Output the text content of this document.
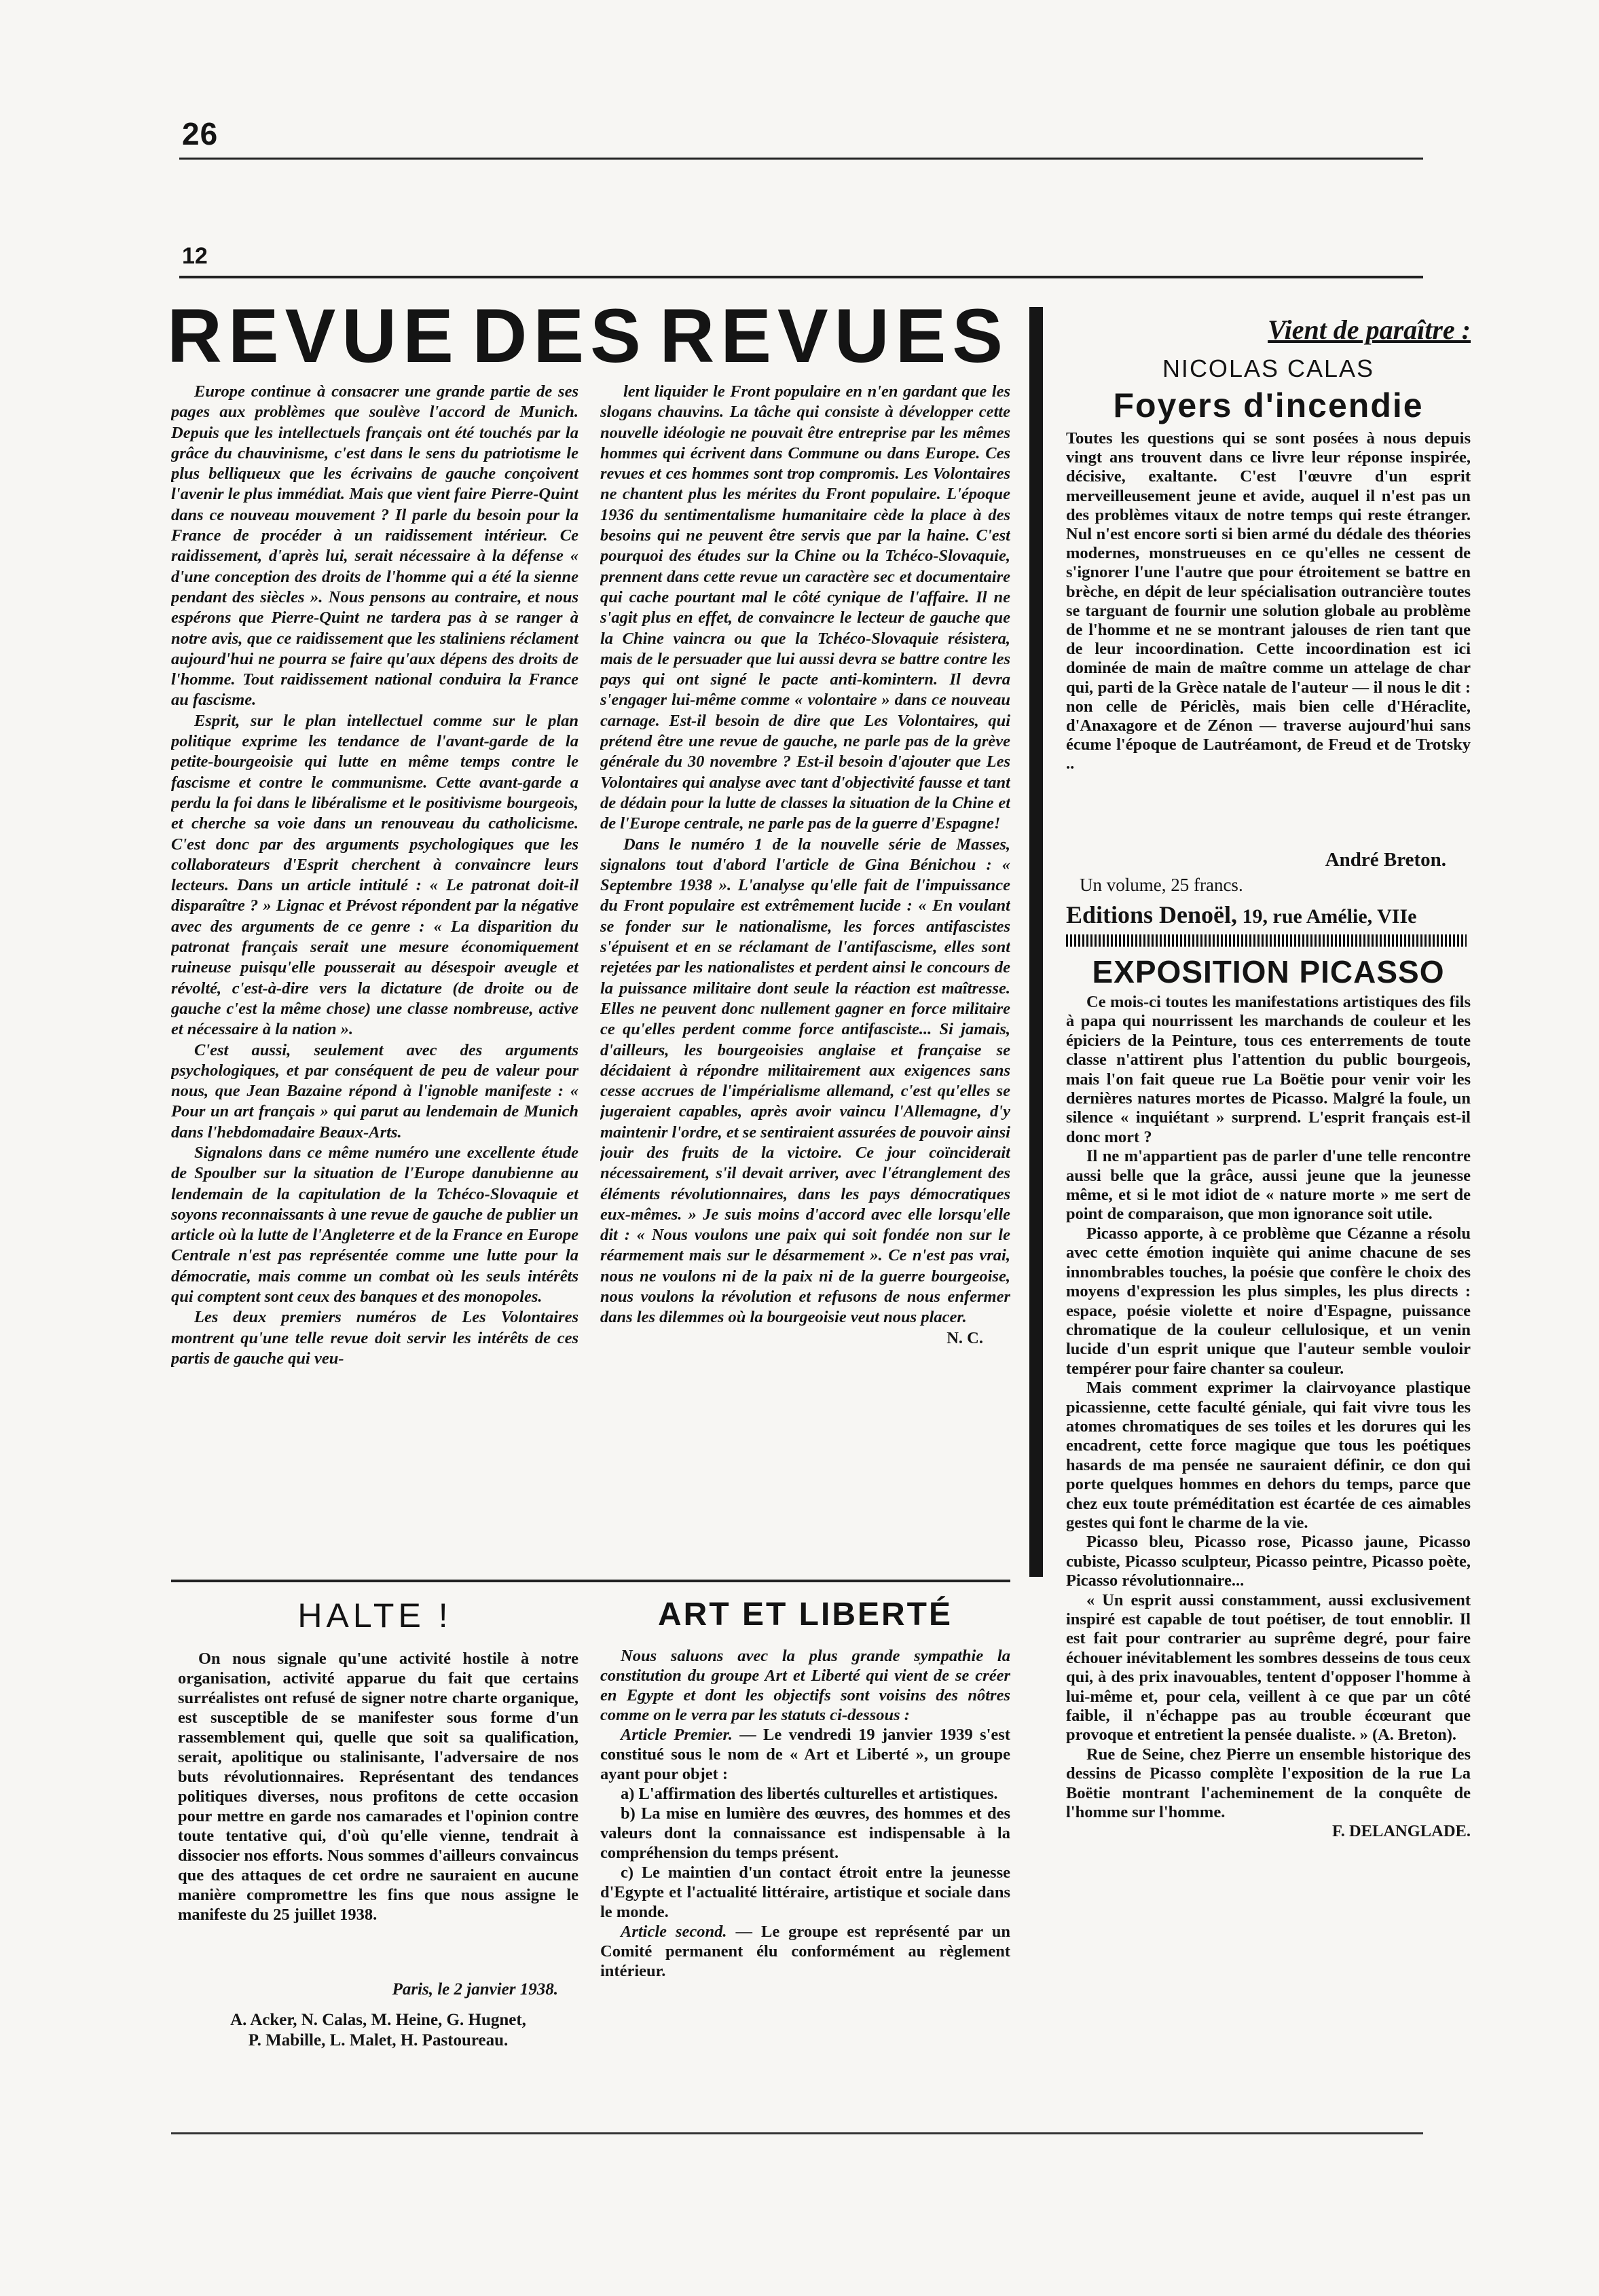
26
12
REVUE DES REVUES

Europe continue à consacrer une grande partie de ses pages aux problèmes que soulève l'accord de Munich. Depuis que les intellectuels français ont été touchés par la grâce du chauvinisme, c'est dans le sens du patriotisme le plus belliqueux que les écrivains de gauche conçoivent l'avenir le plus immédiat. Mais que vient faire Pierre-Quint dans ce nouveau mouvement ? Il parle du besoin pour la France de procéder à un raidissement intérieur. Ce raidissement, d'après lui, serait nécessaire à la défense « d'une conception des droits de l'homme qui a été la sienne pendant des siècles ». Nous pensons au contraire, et nous espérons que Pierre-Quint ne tardera pas à se ranger à notre avis, que ce raidissement que les staliniens réclament aujourd'hui ne pourra se faire qu'aux dépens des droits de l'homme. Tout raidissement national conduira la France au fascisme.

Esprit, sur le plan intellectuel comme sur le plan politique exprime les tendance de l'avant-garde de la petite-bourgeoisie qui lutte en même temps contre le fascisme et contre le communisme. Cette avant-garde a perdu la foi dans le libéralisme et le positivisme bourgeois, et cherche sa voie dans un renouveau du catholicisme. C'est donc par des arguments psychologiques que les collaborateurs d'Esprit cherchent à convaincre leurs lecteurs. Dans un article intitulé : « Le patronat doit-il disparaître ? » Lignac et Prévost répondent par la négative avec des arguments de ce genre : « La disparition du patronat français serait une mesure économiquement ruineuse puisqu'elle pousserait au désespoir aveugle et révolté, c'est-à-dire vers la dictature (de droite ou de gauche c'est la même chose) une classe nombreuse, active et nécessaire à la nation ».

C'est aussi, seulement avec des arguments psychologiques, et par conséquent de peu de valeur pour nous, que Jean Bazaine répond à l'ignoble manifeste : « Pour un art français » qui parut au lendemain de Munich dans l'hebdomadaire Beaux-Arts.

Signalons dans ce même numéro une excellente étude de Spoulber sur la situation de l'Europe danubienne au lendemain de la capitulation de la Tchéco-Slovaquie et soyons reconnaissants à une revue de gauche de publier un article où la lutte de l'Angleterre et de la France en Europe Centrale n'est pas représentée comme une lutte pour la démocratie, mais comme un combat où les seuls intérêts qui comptent sont ceux des banques et des monopoles.

Les deux premiers numéros de Les Volontaires montrent qu'une telle revue doit servir les intérêts de ces partis de gauche qui veu-

lent liquider le Front populaire en n'en gardant que les slogans chauvins. La tâche qui consiste à développer cette nouvelle idéologie ne pouvait être entreprise par les mêmes hommes qui écrivent dans Commune ou dans Europe. Ces revues et ces hommes sont trop compromis. Les Volontaires ne chantent plus les mérites du Front populaire. L'époque 1936 du sentimentalisme humanitaire cède la place à des besoins qui ne peuvent être servis que par la haine. C'est pourquoi des études sur la Chine ou la Tchéco-Slovaquie, prennent dans cette revue un caractère sec et documentaire qui cache pourtant mal le côté cynique de l'affaire. Il ne s'agit plus en effet, de convaincre le lecteur de gauche que la Chine vaincra ou que la Tchéco-Slovaquie résistera, mais de le persuader que lui aussi devra se battre contre les pays qui ont signé le pacte anti-komintern. Il devra s'engager lui-même comme « volontaire » dans ce nouveau carnage. Est-il besoin de dire que Les Volontaires, qui prétend être une revue de gauche, ne parle pas de la grève générale du 30 novembre ? Est-il besoin d'ajouter que Les Volontaires qui analyse avec tant d'objectivité fausse et tant de dédain pour la lutte de classes la situation de la Chine et de l'Europe centrale, ne parle pas de la guerre d'Espagne!

Dans le numéro 1 de la nouvelle série de Masses, signalons tout d'abord l'article de Gina Bénichou : « Septembre 1938 ». L'analyse qu'elle fait de l'impuissance du Front populaire est extrêmement lucide : « En voulant se fonder sur le nationalisme, les forces antifascistes s'épuisent et en se réclamant de l'antifascisme, elles sont rejetées par les nationalistes et perdent ainsi le concours de la puissance militaire dont seule la réaction est maîtresse. Elles ne peuvent donc nullement gagner en force militaire ce qu'elles perdent comme force antifasciste... Si jamais, d'ailleurs, les bourgeoisies anglaise et française se décidaient à répondre militairement aux exigences sans cesse accrues de l'impérialisme allemand, c'est qu'elles se jugeraient capables, après avoir vaincu l'Allemagne, d'y maintenir l'ordre, et se sentiraient assurées de pouvoir ainsi jouir des fruits de la victoire. Ce jour coïnciderait nécessairement, s'il devait arriver, avec l'étranglement des éléments révolutionnaires, dans les pays démocratiques eux-mêmes. » Je suis moins d'accord avec elle lorsqu'elle dit : « Nous voulons une paix qui soit fondée non sur le réarmement mais sur le désarmement ». Ce n'est pas vrai, nous ne voulons ni de la paix ni de la guerre bourgeoise, nous voulons la révolution et refusons de nous enfermer dans les dilemmes où la bourgeoisie veut nous placer.

N. C.

Vient de paraître :
NICOLAS CALAS
Foyers d'incendie
Toutes les questions qui se sont posées à nous depuis vingt ans trouvent dans ce livre leur réponse inspirée, décisive, exaltante. C'est l'œuvre d'un esprit merveilleusement jeune et avide, auquel il n'est pas un des problèmes vitaux de notre temps qui reste étranger. Nul n'est encore sorti si bien armé du dédale des théories modernes, monstrueuses en ce qu'elles ne cessent de s'ignorer l'une l'autre que pour étroitement se battre en brèche, en dépit de leur spécialisation outrancière toutes se targuant de fournir une solution globale au problème de l'homme et ne se montrant jalouses de rien tant que de leur incoordination. Cette incoordination est ici dominée de main de maître comme un attelage de char qui, parti de la Grèce natale de l'auteur — il nous le dit : non celle de Périclès, mais bien celle d'Héraclite, d'Anaxagore et de Zénon — traverse aujourd'hui sans écume l'époque de Lautréamont, de Freud et de Trotsky ..
André Breton.
Un volume, 25 francs.
Editions Denoël, 19, rue Amélie, VIIe
EXPOSITION PICASSO

Ce mois-ci toutes les manifestations artistiques des fils à papa qui nourrissent les marchands de couleur et les épiciers de la Peinture, tous ces enterrements de toute classe n'attirent plus l'attention du public bourgeois, mais l'on fait queue rue La Boëtie pour venir voir les dernières natures mortes de Picasso. Malgré la foule, un silence « inquiétant » surprend. L'esprit français est-il donc mort ?

Il ne m'appartient pas de parler d'une telle rencontre aussi belle que la grâce, aussi jeune que la jeunesse même, et si le mot idiot de « nature morte » me sert de point de comparaison, que mon ignorance soit utile.

Picasso apporte, à ce problème que Cézanne a résolu avec cette émotion inquiète qui anime chacune de ses innombrables touches, la poésie que confère le choix des moyens d'expression les plus simples, les plus directs : espace, poésie violette et noire d'Espagne, puissance chromatique de la couleur cellulosique, et un venin lucide d'un esprit unique que l'auteur semble vouloir tempérer pour faire chanter sa couleur.

Mais comment exprimer la clairvoyance plastique picassienne, cette faculté géniale, qui fait vivre tous les atomes chromatiques de ses toiles et les dorures qui les encadrent, cette force magique que tous les poétiques hasards de ma pensée ne sauraient définir, ce don qui porte quelques hommes en dehors du temps, parce que chez eux toute préméditation est écartée de ces aimables gestes qui font le charme de la vie.

Picasso bleu, Picasso rose, Picasso jaune, Picasso cubiste, Picasso sculpteur, Picasso peintre, Picasso poète, Picasso révolutionnaire...

« Un esprit aussi constamment, aussi exclusivement inspiré est capable de tout poétiser, de tout ennoblir. Il est fait pour contrarier au suprême degré, pour faire échouer inévitablement les sombres desseins de tous ceux qui, à des prix inavouables, tentent d'opposer l'homme à lui-même et, pour cela, veillent à ce que par un côté faible, il n'échappe pas au trouble écœurant que provoque et entretient la pensée dualiste. » (A. Breton).

Rue de Seine, chez Pierre un ensemble historique des dessins de Picasso complète l'exposition de la rue La Boëtie montrant l'acheminement de la conquête de l'homme sur l'homme.

F. DELANGLADE.

HALTE !

On nous signale qu'une activité hostile à notre organisation, activité apparue du fait que certains surréalistes ont refusé de signer notre charte organique, est susceptible de se manifester sous forme d'un rassemblement qui, quelle que soit sa qualification, serait, apolitique ou stalinisante, l'adversaire de nos buts révolutionnaires. Représentant des tendances politiques diverses, nous profitons de cette occasion pour mettre en garde nos camarades et l'opinion contre toute tentative qui, d'où qu'elle vienne, tendrait à dissocier nos efforts. Nous sommes d'ailleurs convaincus que des attaques de cet ordre ne sauraient en aucune manière compromettre les fins que nous assigne le manifeste du 25 juillet 1938.

Paris, le 2 janvier 1938.
A. Acker, N. Calas, M. Heine, G. Hugnet,
P. Mabille, L. Malet, H. Pastoureau.
ART ET LIBERTÉ

Nous saluons avec la plus grande sympathie la constitution du groupe Art et Liberté qui vient de se créer en Egypte et dont les objectifs sont voisins des nôtres comme on le verra par les statuts ci-dessous :

Article Premier. — Le vendredi 19 janvier 1939 s'est constitué sous le nom de « Art et Liberté », un groupe ayant pour objet :

a) L'affirmation des libertés culturelles et artistiques.

b) La mise en lumière des œuvres, des hommes et des valeurs dont la connaissance est indispensable à la compréhension du temps présent.

c) Le maintien d'un contact étroit entre la jeunesse d'Egypte et l'actualité littéraire, artistique et sociale dans le monde.

Article second. — Le groupe est représenté par un Comité permanent élu conformément au règlement intérieur.
